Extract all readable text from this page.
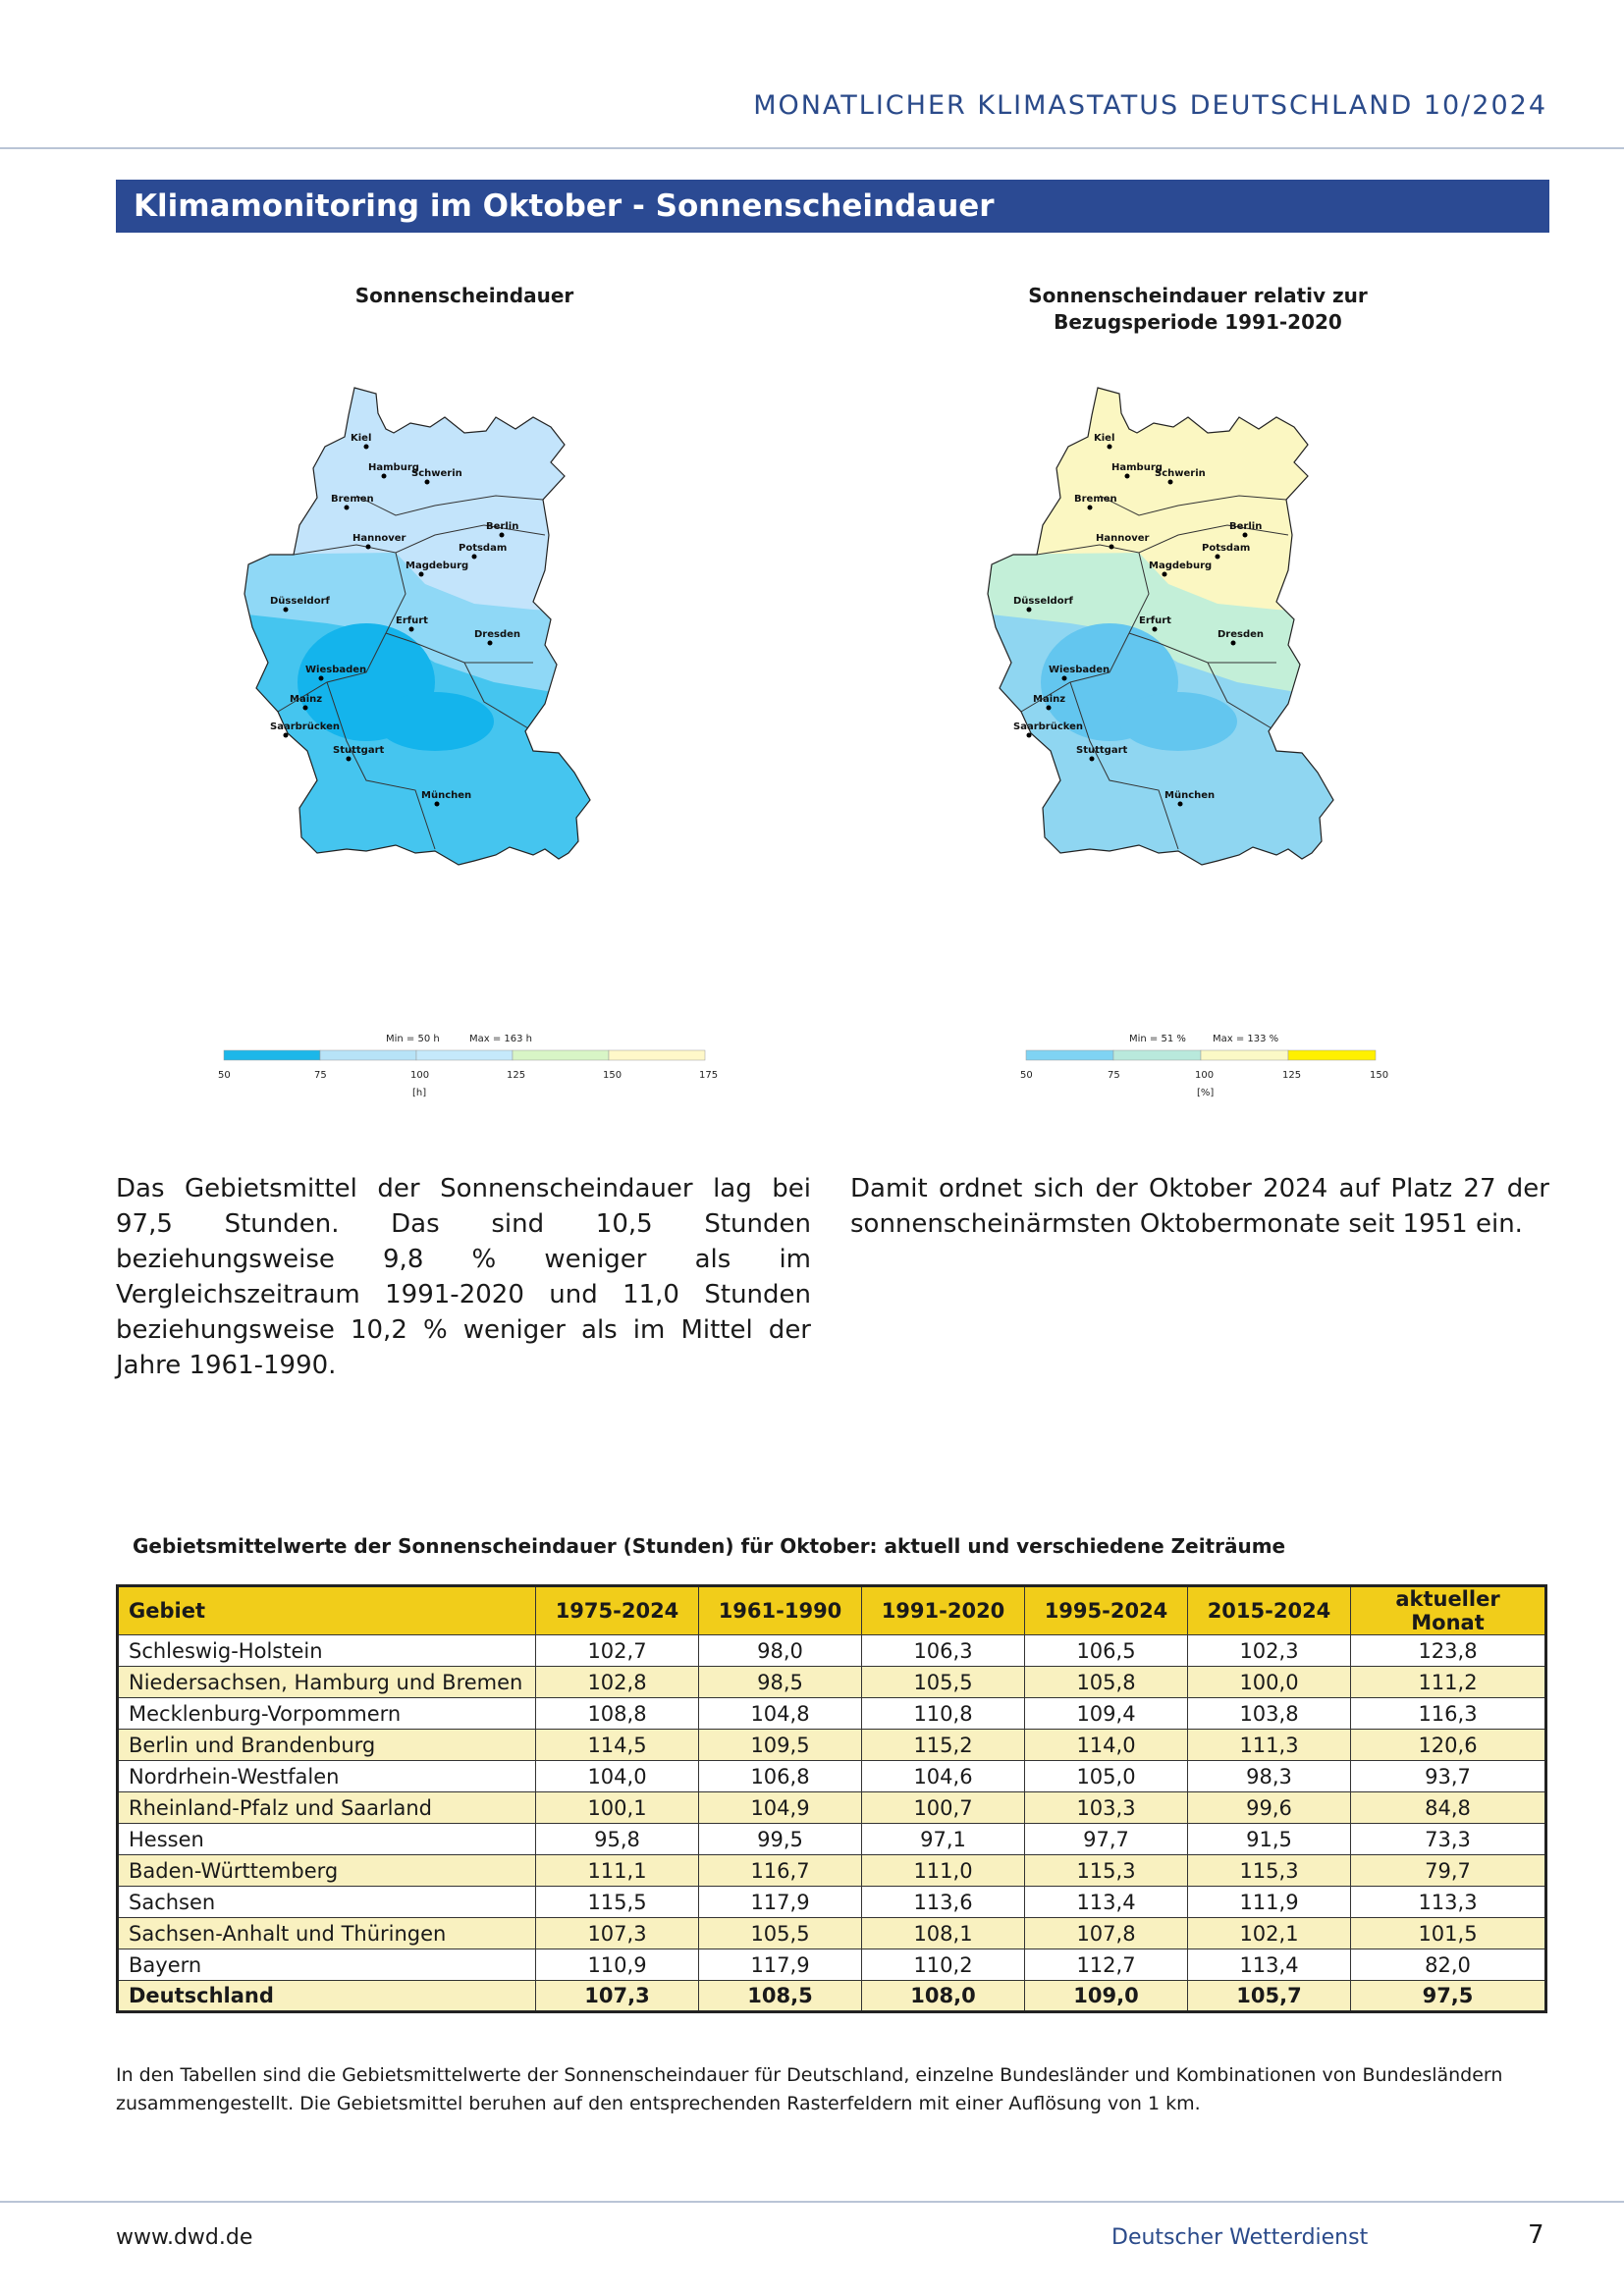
MONATLICHER KLIMASTATUS DEUTSCHLAND 10/2024
Klimamonitoring im Oktober - Sonnenscheindauer
Sonnenscheindauer
Kiel
Hamburg
Schwerin
Bremen
Berlin
Hannover
Potsdam
Magdeburg
Düsseldorf
Erfurt
Dresden
Wiesbaden
Mainz
Saarbrücken
Stuttgart
München
Min = 50 h	Max = 163 h
50	75	100	125	150	175
[h]
Sonnenscheindauer relativ zur Bezugsperiode 1991-2020
Kiel
Hamburg
Schwerin
Bremen
Berlin
Hannover
Potsdam
Magdeburg
Düsseldorf
Erfurt
Dresden
Wiesbaden
Mainz
Saarbrücken
Stuttgart
München
Min = 51 %	Max = 133 %
50	75	100	125	150
[%]
Das Gebietsmittel der Sonnenscheindauer lag bei 97,5 Stunden. Das sind 10,5 Stunden beziehungsweise 9,8 % weniger als im Vergleichszeitraum 1991-2020 und 11,0 Stunden beziehungsweise 10,2 % weniger als im Mittel der Jahre 1961-1990.
Damit ordnet sich der Oktober 2024 auf Platz 27 der sonnenscheinärmsten Oktobermonate seit 1951 ein.
Gebietsmittelwerte der Sonnenscheindauer (Stunden) für Oktober: aktuell und verschiedene Zeiträume
Gebiet	1975-2024	1961-1990	1991-2020	1995-2024	2015-2024	aktueller Monat
Schleswig-Holstein	102,7	98,0	106,3	106,5	102,3	123,8
Niedersachsen, Hamburg und Bremen	102,8	98,5	105,5	105,8	100,0	111,2
Mecklenburg-Vorpommern	108,8	104,8	110,8	109,4	103,8	116,3
Berlin und Brandenburg	114,5	109,5	115,2	114,0	111,3	120,6
Nordrhein-Westfalen	104,0	106,8	104,6	105,0	98,3	93,7
Rheinland-Pfalz und Saarland	100,1	104,9	100,7	103,3	99,6	84,8
Hessen	95,8	99,5	97,1	97,7	91,5	73,3
Baden-Württemberg	111,1	116,7	111,0	115,3	115,3	79,7
Sachsen	115,5	117,9	113,6	113,4	111,9	113,3
Sachsen-Anhalt und Thüringen	107,3	105,5	108,1	107,8	102,1	101,5
Bayern	110,9	117,9	110,2	112,7	113,4	82,0
Deutschland	107,3	108,5	108,0	109,0	105,7	97,5
In den Tabellen sind die Gebietsmittelwerte der Sonnenscheindauer für Deutschland, einzelne Bundesländer und Kombinationen von Bundesländern zusammengestellt. Die Gebietsmittel beruhen auf den entsprechenden Rasterfeldern mit einer Auflösung von 1 km.
www.dwd.de	Deutscher Wetterdienst	7
